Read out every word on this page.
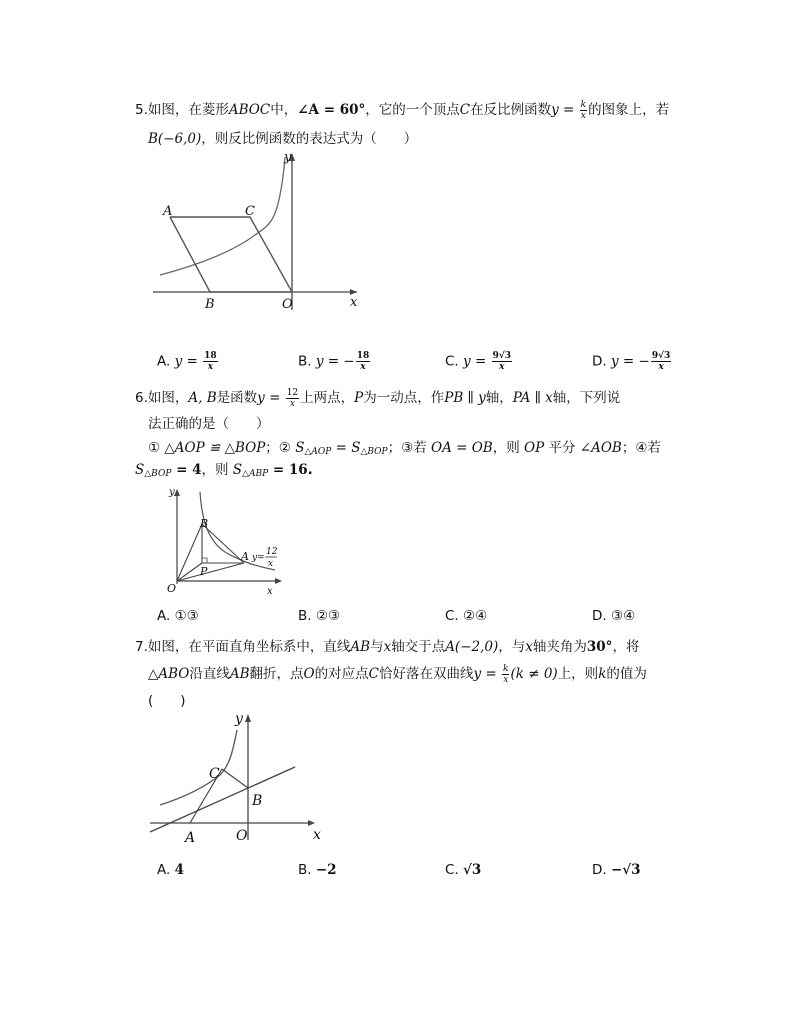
5.如图，在菱形ABOC中，∠A = 60°，它的一个顶点C在反比例函数$y = \frac{k}{x}$ 的图象上，若
B(−6,0)，则反比例函数的表达式为（　　）
A	C
B	O	x
y
A. $y = \frac{18}{x}$	B. y = − $\frac{18}{x}$	C. $y = \frac{9√3}{x}$	D. y = − $\frac{9√3}{x}$
6.如图，A, B是函数$y = \frac{12}{x}$ 上两点，P为一动点，作PB ∥ y轴，PA ∥ x轴，下列说
法正确的是（　　）
① △AOP ≌ △BOP；② $S_{\triangle AOP} = S_{\triangle BOP}$；③若 OA = OB，则 OP 平分 ∠AOB；④若
$S_{\triangle BOP} = 4$，则 $S_{\triangle ABP} = 16$.
B
A
P
O	x
y
y=
12
x
A. ①③	B. ②③	C. ②④	D. ③④
7.如图，在平面直角坐标系中，直线AB与x轴交于点A(−2,0)，与x轴夹角为30°，将
△ABO沿直线AB翻折，点O的对应点C恰好落在双曲线$y = \frac{k}{x} (k \ne 0)$上，则k的值为
(　　)
C
B
A	O	x
y
A. 4	B. −2	C. √3	D. −√3
